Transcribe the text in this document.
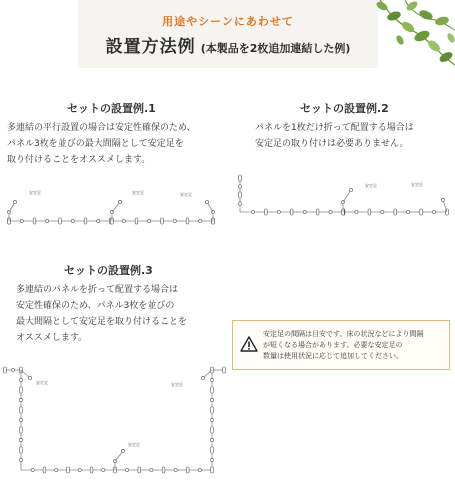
用途やシーンにあわせて
設置方法例 (本製品を2枚追加連結した例)
セットの設置例.1
多連結の平行設置の場合は安定性確保のため、
パネル3枚を並びの最大間隔として安定足を
取り付けることをオススメします。
セットの設置例.2
パネルを1枚だけ折って配置する場合は
安定足の取り付けは必要ありません。
セットの設置例.3
多連結のパネルを折って配置する場合は
安定性確保のため、パネル3枚を並びの
最大間隔として安定足を取り付けることを
オススメします。	安定足の間隔は目安です。床の状況などにより間隔
が短くなる場合があります。必要な安定足の
数量は使用状況に応じて追加してください。
安定足	安定足	安定足
安定足	安定足
安定足	安定足
安定足
